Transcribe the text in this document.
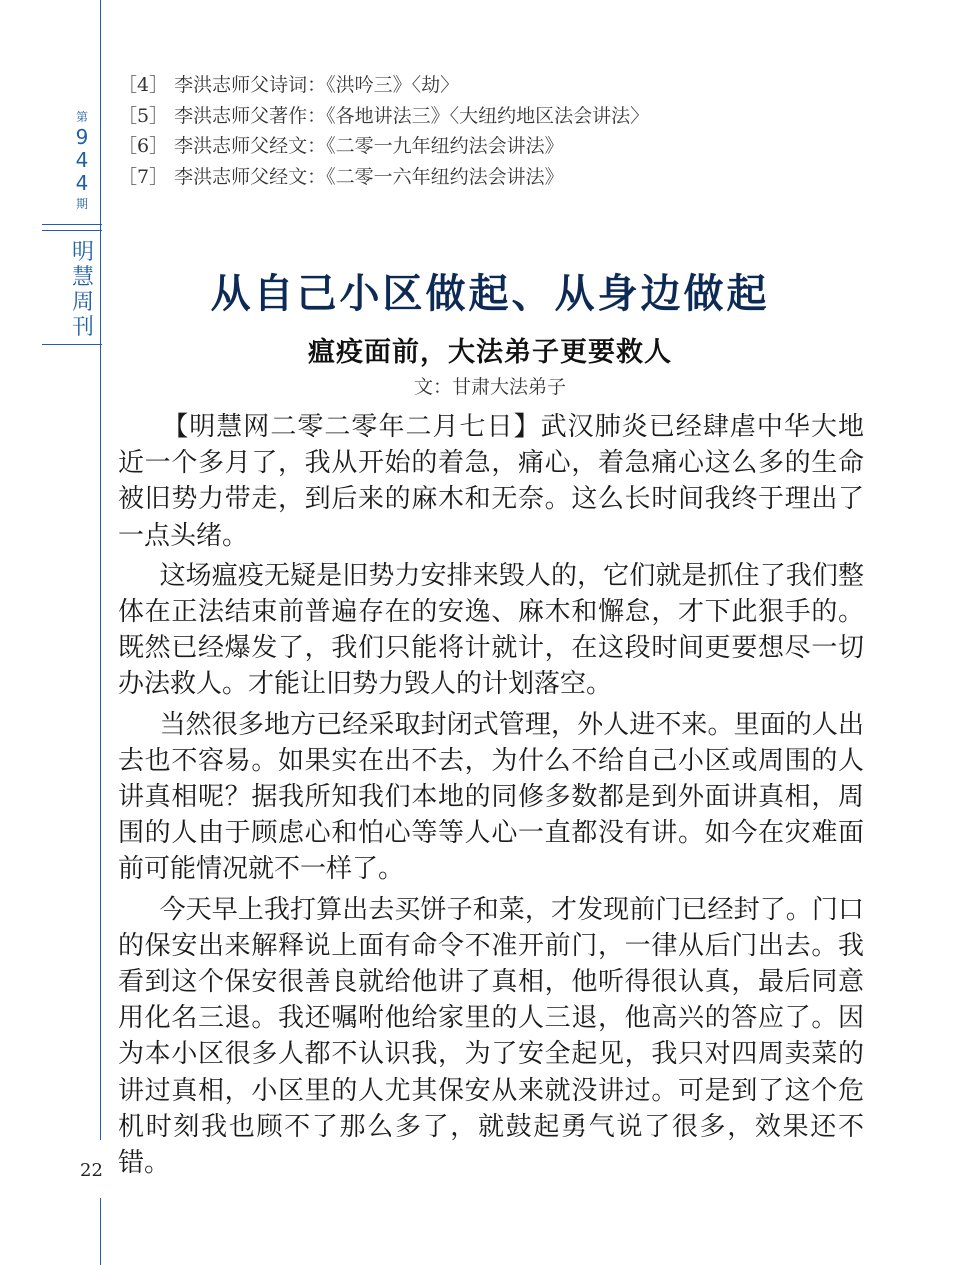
第
9
4
4
期
明
慧
周
刊
22
［4］ 李洪志师父诗词：《洪吟三》〈劫〉
［5］ 李洪志师父著作：《各地讲法三》〈大纽约地区法会讲法〉
［6］ 李洪志师父经文：《二零一九年纽约法会讲法》
［7］ 李洪志师父经文：《二零一六年纽约法会讲法》
从自己小区做起、从身边做起
瘟疫面前，大法弟子更要救人
文：甘肃大法弟子

【明慧网二零二零年二月七日】武汉肺炎已经肆虐中华大地近一个多月了，我从开始的着急，痛心，着急痛心这么多的生命被旧势力带走，到后来的麻木和无奈。这么长时间我终于理出了一点头绪。

这场瘟疫无疑是旧势力安排来毁人的，它们就是抓住了我们整体在正法结束前普遍存在的安逸、麻木和懈怠，才下此狠手的。既然已经爆发了，我们只能将计就计，在这段时间更要想尽一切办法救人。才能让旧势力毁人的计划落空。

当然很多地方已经采取封闭式管理，外人进不来。里面的人出去也不容易。如果实在出不去，为什么不给自己小区或周围的人讲真相呢？据我所知我们本地的同修多数都是到外面讲真相，周围的人由于顾虑心和怕心等等人心一直都没有讲。如今在灾难面前可能情况就不一样了。

今天早上我打算出去买饼子和菜，才发现前门已经封了。门口的保安出来解释说上面有命令不准开前门，一律从后门出去。我看到这个保安很善良就给他讲了真相，他听得很认真，最后同意用化名三退。我还嘱咐他给家里的人三退，他高兴的答应了。因为本小区很多人都不认识我，为了安全起见，我只对四周卖菜的讲过真相，小区里的人尤其保安从来就没讲过。可是到了这个危机时刻我也顾不了那么多了，就鼓起勇气说了很多，效果还不错。
